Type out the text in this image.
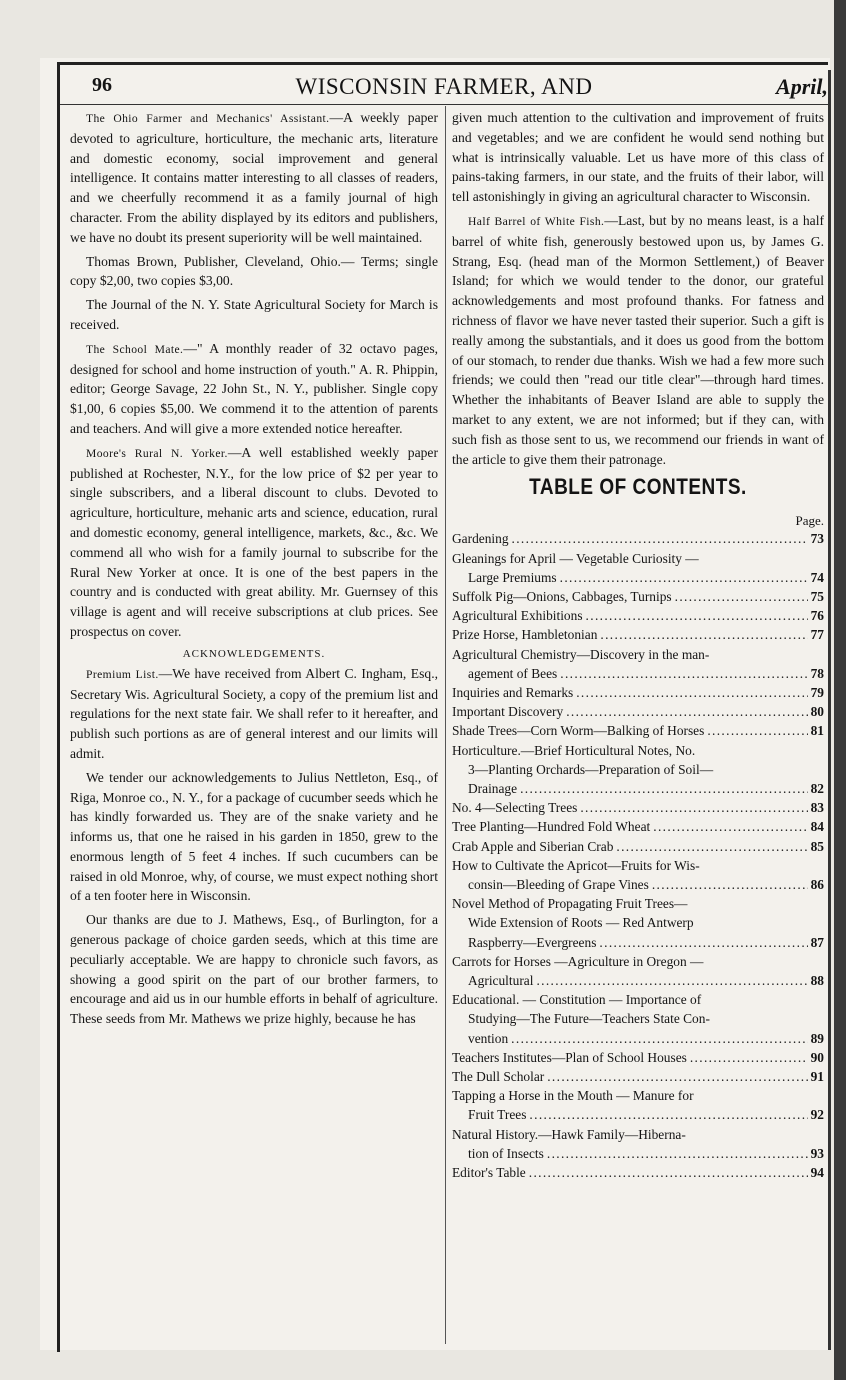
96	WISCONSIN FARMER, AND	April,

The Ohio Farmer and Mechanics' Assistant.—A weekly paper devoted to agriculture, horticulture, the mechanic arts, literature and domestic economy, social improvement and general intelligence. It contains matter interesting to all classes of readers, and we cheerfully recommend it as a family journal of high character. From the ability displayed by its editors and publishers, we have no doubt its present superiority will be well maintained.

Thomas Brown, Publisher, Cleveland, Ohio.— Terms; single copy $2,00, two copies $3,00.

The Journal of the N. Y. State Agricultural Society for March is received.

The School Mate.—" A monthly reader of 32 octavo pages, designed for school and home instruction of youth." A. R. Phippin, editor; George Savage, 22 John St., N. Y., publisher. Single copy $1,00, 6 copies $5,00. We commend it to the attention of parents and teachers. And will give a more extended notice hereafter.

Moore's Rural N. Yorker.—A well established weekly paper published at Rochester, N.Y., for the low price of $2 per year to single subscribers, and a liberal discount to clubs. Devoted to agriculture, horticulture, mehanic arts and science, education, rural and domestic economy, general intelligence, markets, &c., &c. We commend all who wish for a family journal to subscribe for the Rural New Yorker at once. It is one of the best papers in the country and is conducted with great ability. Mr. Guernsey of this village is agent and will receive subscriptions at club prices. See prospectus on cover.

ACKNOWLEDGEMENTS.

Premium List.—We have received from Albert C. Ingham, Esq., Secretary Wis. Agricultural Society, a copy of the premium list and regulations for the next state fair. We shall refer to it hereafter, and publish such portions as are of general interest and our limits will admit.

We tender our acknowledgements to Julius Nettleton, Esq., of Riga, Monroe co., N. Y., for a package of cucumber seeds which he has kindly forwarded us. They are of the snake variety and he informs us, that one he raised in his garden in 1850, grew to the enormous length of 5 feet 4 inches. If such cucumbers can be raised in old Monroe, why, of course, we must expect nothing short of a ten footer here in Wisconsin.

Our thanks are due to J. Mathews, Esq., of Burlington, for a generous package of choice garden seeds, which at this time are peculiarly acceptable. We are happy to chronicle such favors, as showing a good spirit on the part of our brother farmers, to encourage and aid us in our humble efforts in behalf of agriculture. These seeds from Mr. Mathews we prize highly, because he has

given much attention to the cultivation and improvement of fruits and vegetables; and we are confident he would send nothing but what is intrinsically valuable. Let us have more of this class of pains-taking farmers, in our state, and the fruits of their labor, will tell astonishingly in giving an agricultural character to Wisconsin.

Half Barrel of White Fish.—Last, but by no means least, is a half barrel of white fish, generously bestowed upon us, by James G. Strang, Esq. (head man of the Mormon Settlement,) of Beaver Island; for which we would tender to the donor, our grateful acknowledgements and most profound thanks. For fatness and richness of flavor we have never tasted their superior. Such a gift is really among the substantials, and it does us good from the bottom of our stomach, to render due thanks. Wish we had a few more such friends; we could then "read our title clear"—through hard times. Whether the inhabitants of Beaver Island are able to supply the market to any extent, we are not informed; but if they can, with such fish as those sent to us, we recommend our friends in want of the article to give them their patronage.

TABLE OF CONTENTS.
Page.
Gardening . . .	73
Gleanings for April — Vegetable Curiosity —
Large Premiums . . .	74
Suffolk Pig—Onions, Cabbages, Turnips . . .	75
Agricultural Exhibitions . . .	76
Prize Horse, Hambletonian . . .	77
Agricultural Chemistry—Discovery in the man-
agement of Bees . . .	78
Inquiries and Remarks . . .	79
Important Discovery . . .	80
Shade Trees—Corn Worm—Balking of Horses . . .	81
Horticulture.—Brief Horticultural Notes, No.
3—Planting Orchards—Preparation of Soil—
Drainage . . .	82
No. 4—Selecting Trees . . .	83
Tree Planting—Hundred Fold Wheat . . .	84
Crab Apple and Siberian Crab . . .	85
How to Cultivate the Apricot—Fruits for Wis-
consin—Bleeding of Grape Vines . . .	86
Novel Method of Propagating Fruit Trees—
Wide Extension of Roots — Red Antwerp
Raspberry—Evergreens . . .	87
Carrots for Horses —Agriculture in Oregon —
Agricultural . . .	88
Educational. — Constitution — Importance of
Studying—The Future—Teachers State Con-
vention . . .	89
Teachers Institutes—Plan of School Houses . . .	90
The Dull Scholar . . .	91
Tapping a Horse in the Mouth — Manure for
Fruit Trees . . .	92
Natural History.—Hawk Family—Hiberna-
tion of Insects . . .	93
Editor's Table . . .	94
